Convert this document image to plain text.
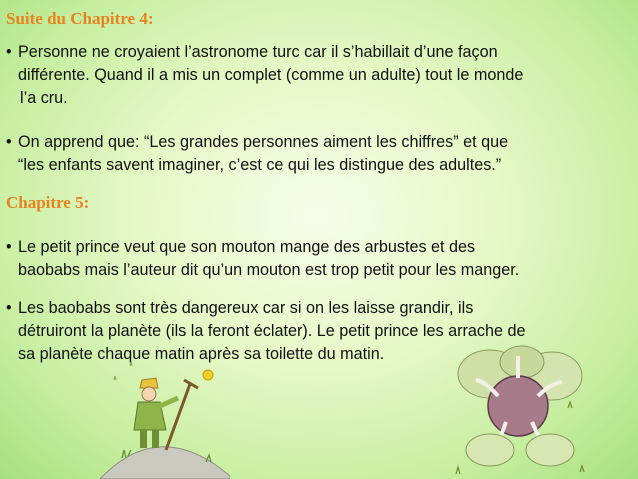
Suite du Chapitre 4:
• Personne ne croyaient l’astronome turc car il s’habillait d’une façon
différente. Quand il a mis un complet (comme un adulte) tout le monde
l’a cru.
• On apprend que: “Les grandes personnes aiment les chiffres” et que
“les enfants savent imaginer, c’est ce qui les distingue des adultes.”
Chapitre 5:
• Le petit prince veut que son mouton mange des arbustes et des
baobabs mais l’auteur dit qu’un mouton est trop petit pour les manger.
• Les baobabs sont très dangereux car si on les laisse grandir, ils
détruiront la planète (ils la feront éclater). Le petit prince les arrache de
sa planète chaque matin après sa toilette du matin.
